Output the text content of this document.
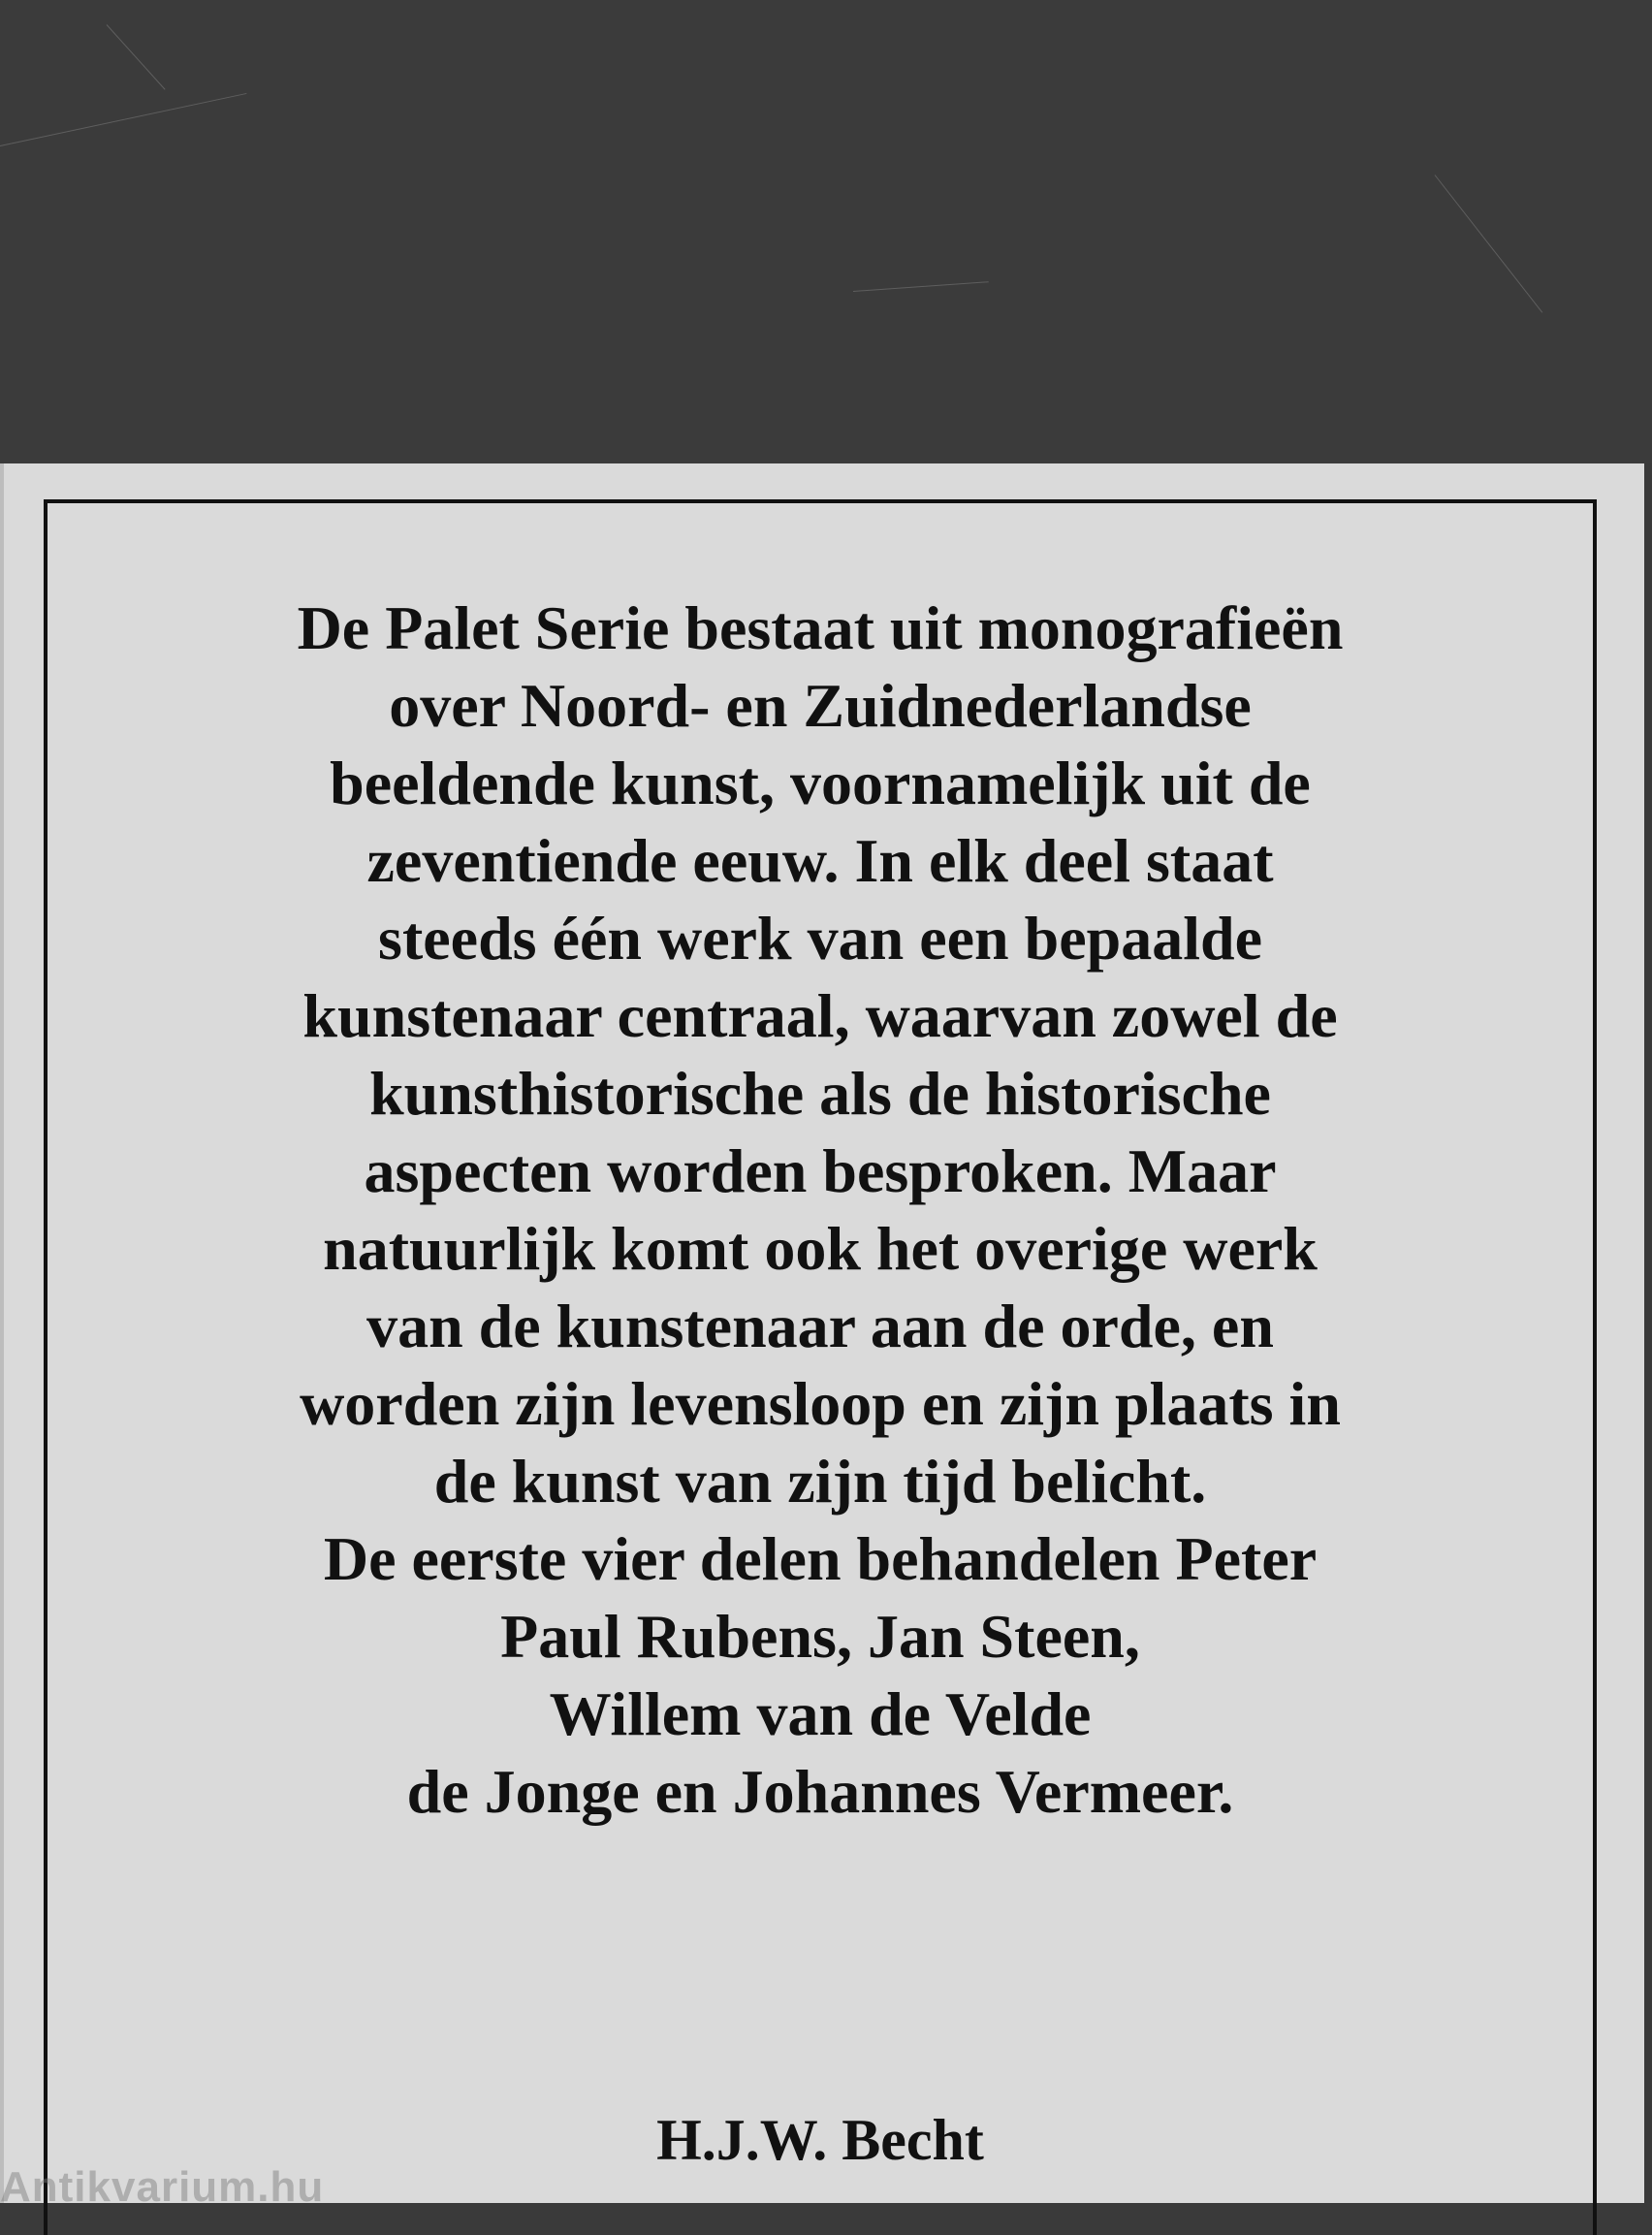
De Palet Serie bestaat uit monografieën
over Noord- en Zuidnederlandse
beeldende kunst, voornamelijk uit de
zeventiende eeuw. In elk deel staat
steeds één werk van een bepaalde
kunstenaar centraal, waarvan zowel de
kunsthistorische als de historische
aspecten worden besproken. Maar
natuurlijk komt ook het overige werk
van de kunstenaar aan de orde, en
worden zijn levensloop en zijn plaats in
de kunst van zijn tijd belicht.
De eerste vier delen behandelen Peter
Paul Rubens, Jan Steen,
Willem van de Velde
de Jonge en Johannes Vermeer.

H.J.W. Becht
Antikvarium.hu
